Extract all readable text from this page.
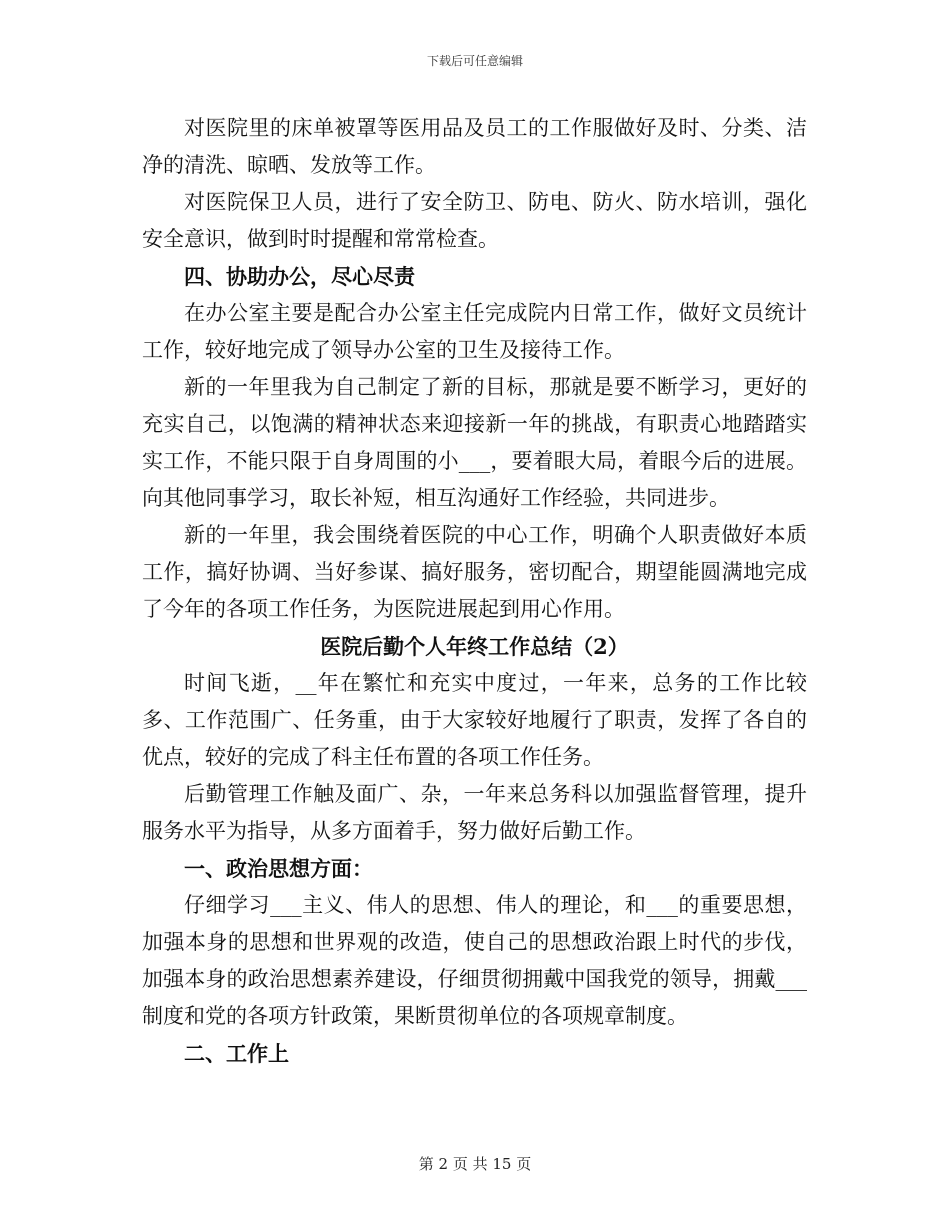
下载后可任意编辑

对医院里的床单被罩等医用品及员工的工作服做好及时、分类、洁净的清洗、晾晒、发放等工作。

对医院保卫人员，进行了安全防卫、防电、防火、防水培训，强化安全意识，做到时时提醒和常常检查。

四、协助办公，尽心尽责

在办公室主要是配合办公室主任完成院内日常工作，做好文员统计工作，较好地完成了领导办公室的卫生及接待工作。

新的一年里我为自己制定了新的目标，那就是要不断学习，更好的充实自己，以饱满的精神状态来迎接新一年的挑战，有职责心地踏踏实实工作，不能只限于自身周围的小___，要着眼大局，着眼今后的进展。向其他同事学习，取长补短，相互沟通好工作经验，共同进步。

新的一年里，我会围绕着医院的中心工作，明确个人职责做好本质工作，搞好协调、当好参谋、搞好服务，密切配合，期望能圆满地完成了今年的各项工作任务，为医院进展起到用心作用。

医院后勤个人年终工作总结（2）

时间飞逝，__年在繁忙和充实中度过，一年来，总务的工作比较多、工作范围广、任务重，由于大家较好地履行了职责，发挥了各自的优点，较好的完成了科主任布置的各项工作任务。

后勤管理工作触及面广、杂，一年来总务科以加强监督管理，提升服务水平为指导，从多方面着手，努力做好后勤工作。

一、政治思想方面：

仔细学习___主义、伟人的思想、伟人的理论，和___的重要思想，加强本身的思想和世界观的改造，使自己的思想政治跟上时代的步伐，加强本身的政治思想素养建设，仔细贯彻拥戴中国我党的领导，拥戴___制度和党的各项方针政策，果断贯彻单位的各项规章制度。

二、工作上

第 2 页 共 15 页
